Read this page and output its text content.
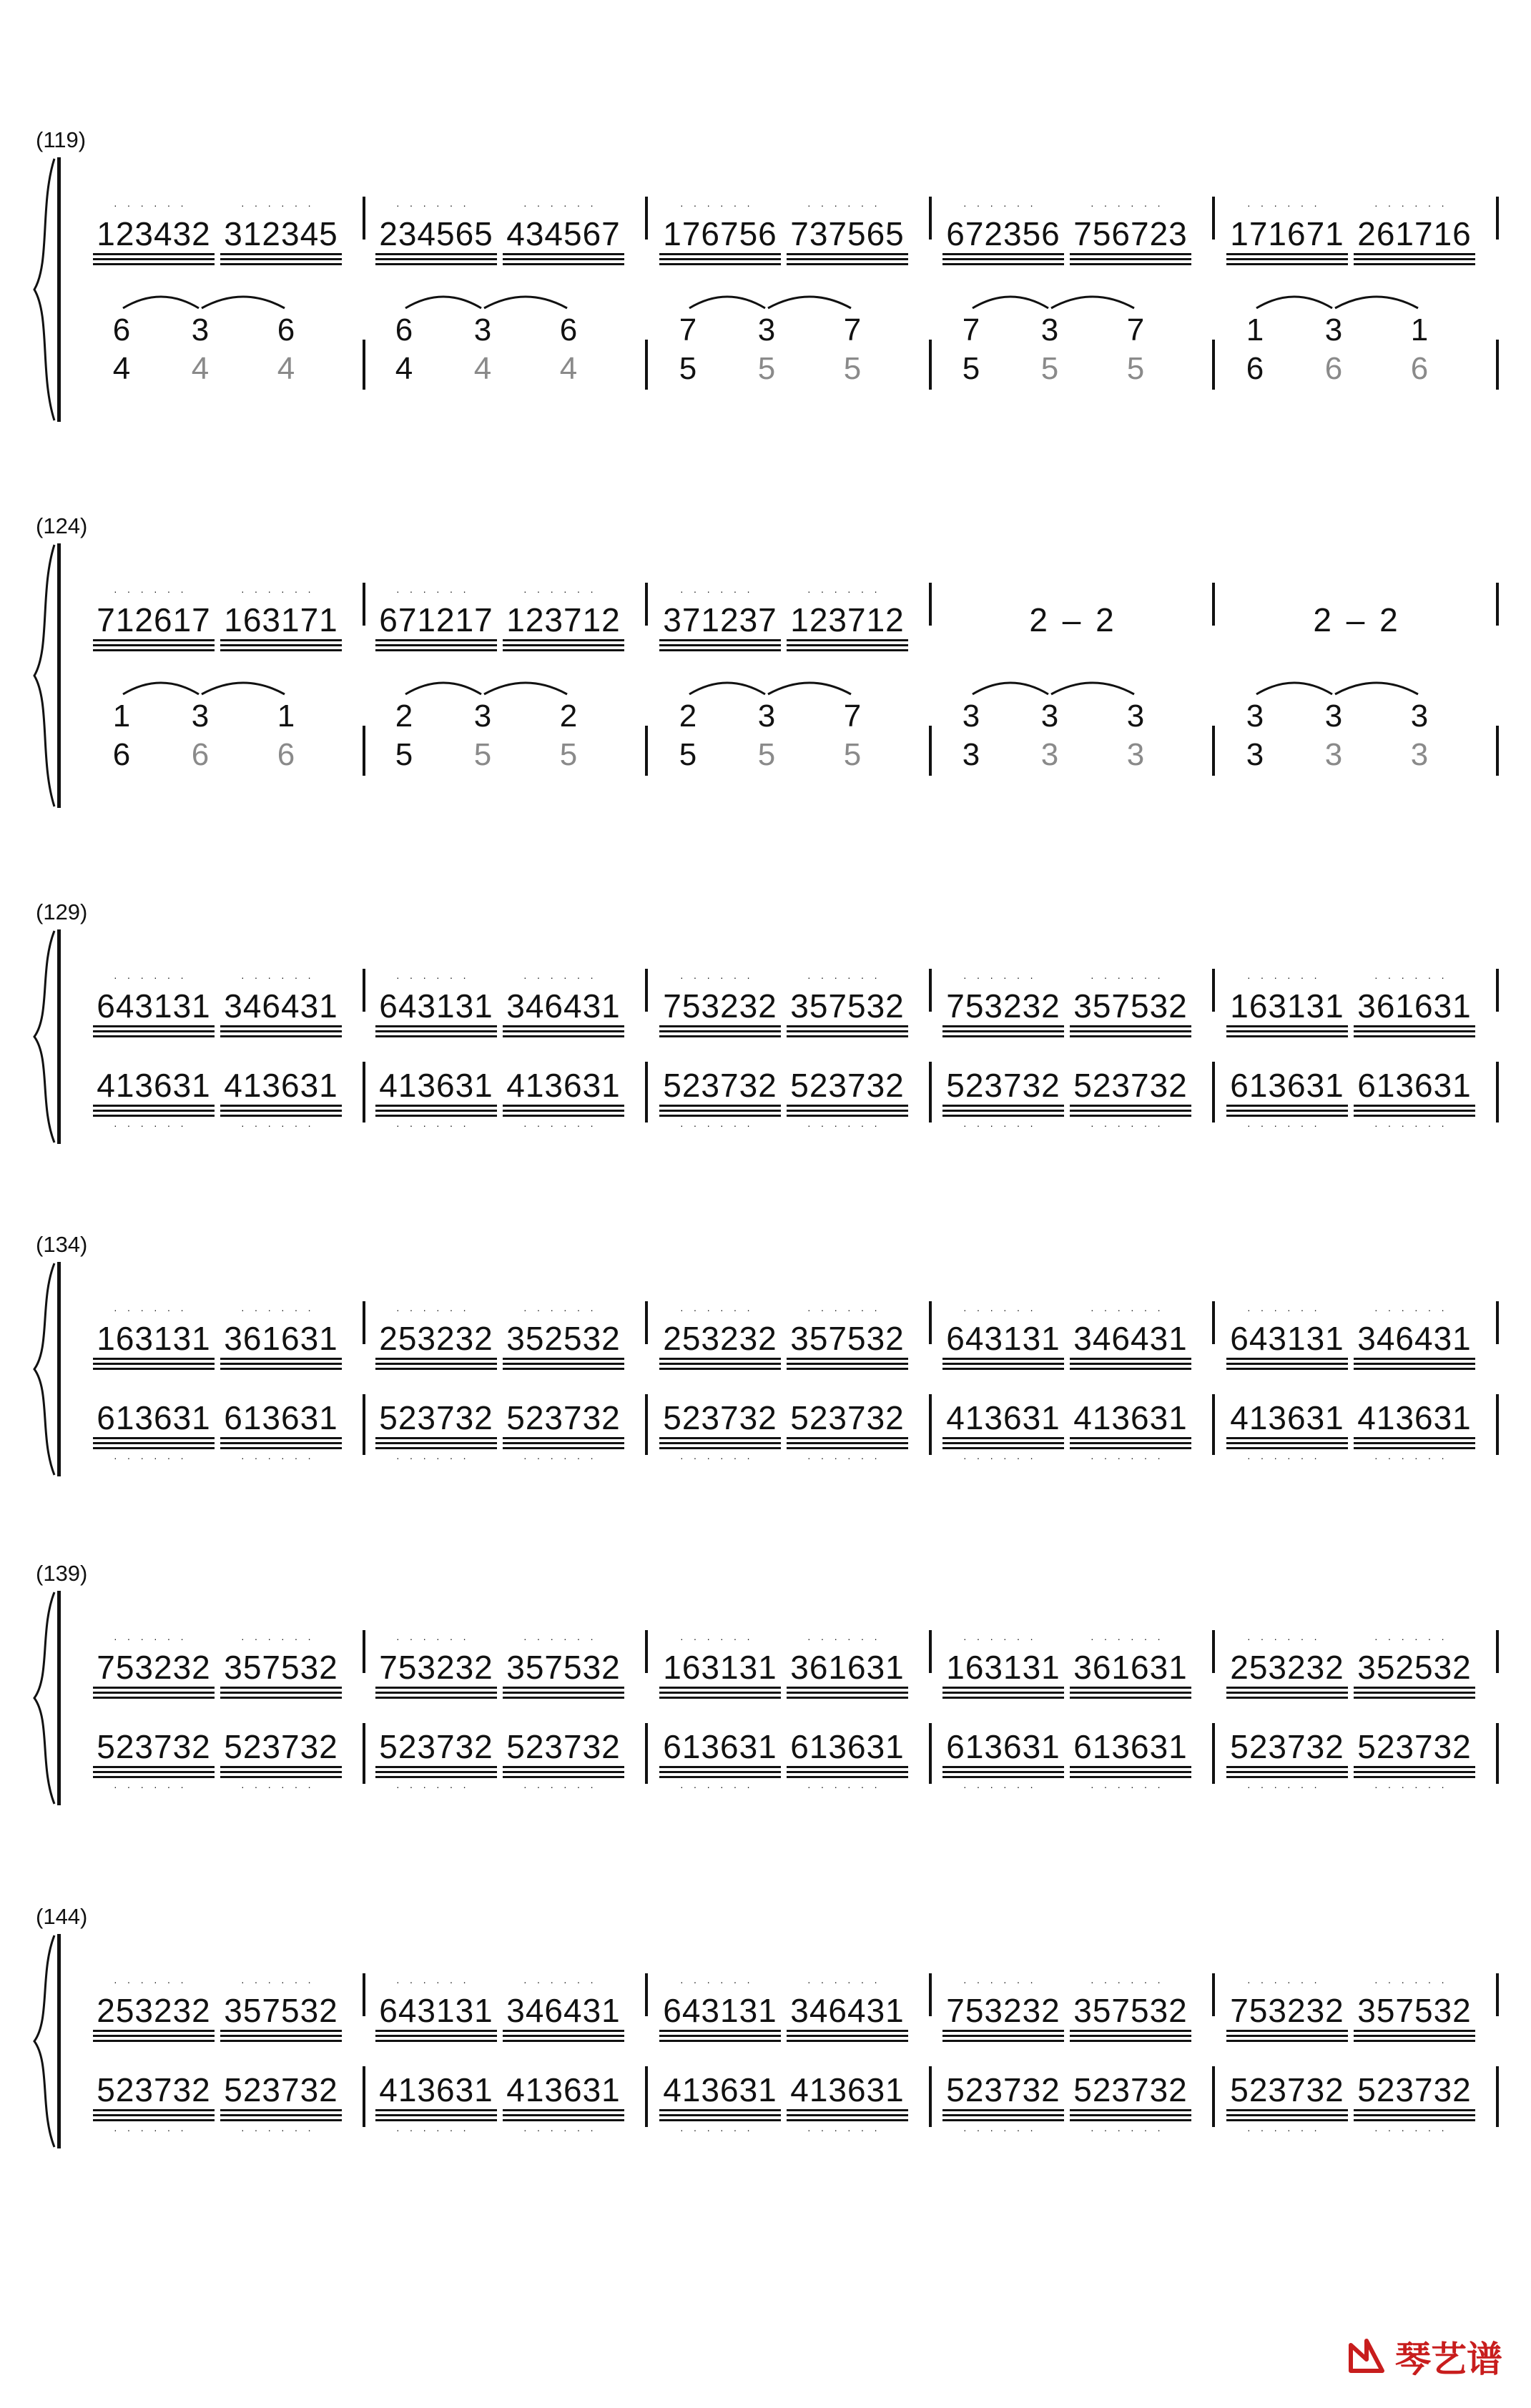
(119)
123432
······
312345
······
234565
······
434567
······
176756
······
737565
······
672356
······
756723
······
171671
······
261716
······
6
4
3
4
6
4
6
4
3
4
6
4
7
5
3
5
7
5
7
5
3
5
7
5
1
6
3
6
1
6
(124)
712617
······
163171
······
671217
······
123712
······
371237
······
123712
······
2 – 2	2 – 2
1
6
3
6
1
6
2
5
3
5
2
5
2
5
3
5
7
5
3
3
3
3
3
3
3
3
3
3
3
3
(129)
643131
······
346431
······
643131
······
346431
······
753232
······
357532
······
753232
······
357532
······
163131
······
361631
······
413631
······
413631
······
413631
······
413631
······
523732
······
523732
······
523732
······
523732
······
613631
······
613631
······
(134)
163131
······
361631
······
253232
······
352532
······
253232
······
357532
······
643131
······
346431
······
643131
······
346431
······
613631
······
613631
······
523732
······
523732
······
523732
······
523732
······
413631
······
413631
······
413631
······
413631
······
(139)
753232
······
357532
······
753232
······
357532
······
163131
······
361631
······
163131
······
361631
······
253232
······
352532
······
523732
······
523732
······
523732
······
523732
······
613631
······
613631
······
613631
······
613631
······
523732
······
523732
······
(144)
253232
······
357532
······
643131
······
346431
······
643131
······
346431
······
753232
······
357532
······
753232
······
357532
······
523732
······
523732
······
413631
······
413631
······
413631
······
413631
······
523732
······
523732
······
523732
······
523732
······
琴艺谱
